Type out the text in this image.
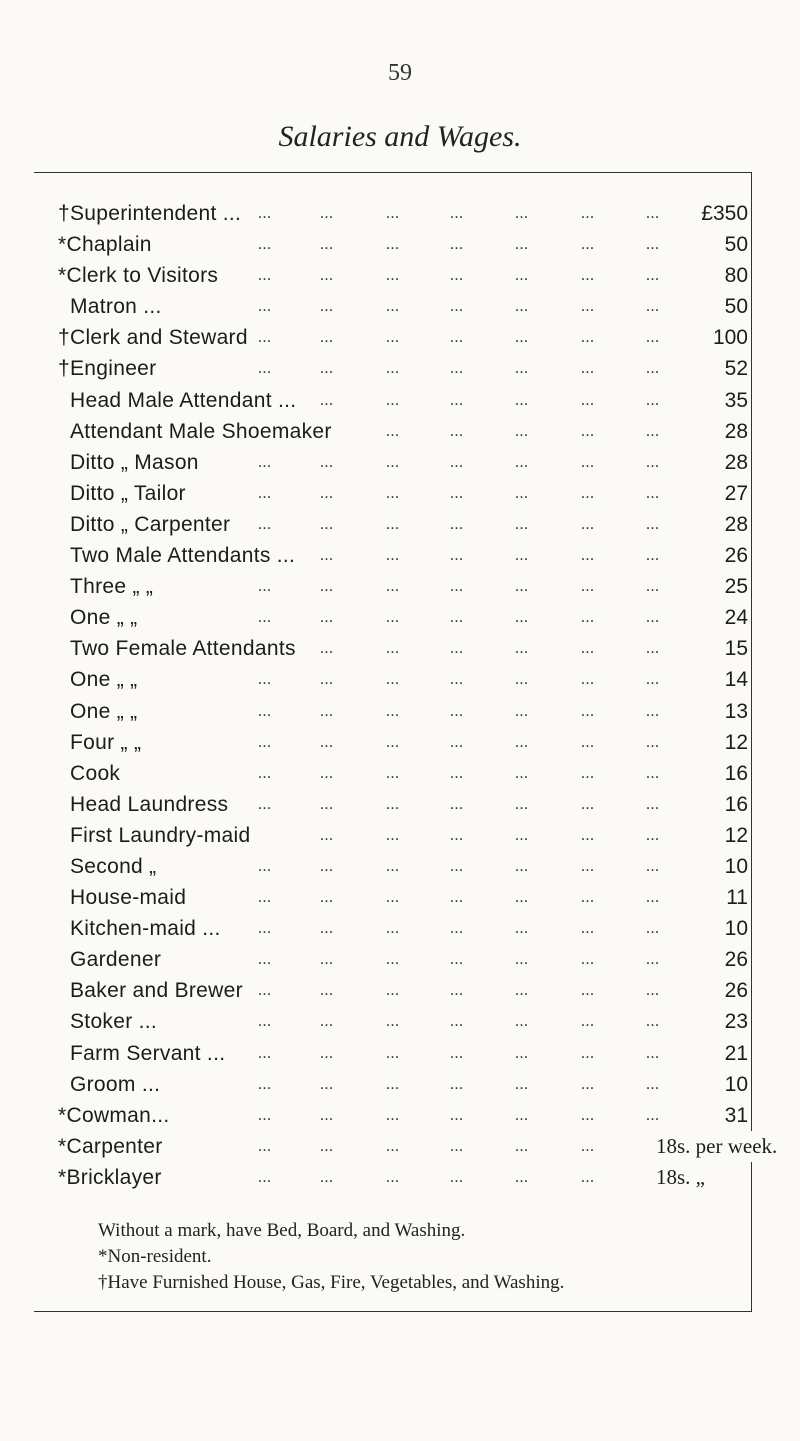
59
Salaries and Wages.
...	...	...	...	...	...	...
†Superintendent ...	£350
...	...	...	...	...	...	...
*Chaplain	50
...	...	...	...	...	...	...
*Clerk to Visitors	80
...	...	...	...	...	...	...
Matron ...	50
...	...	...	...	...	...	...
†Clerk and Steward	100
...	...	...	...	...	...	...
†Engineer	52
...	...	...	...	...	...
Head Male Attendant ...	35
...	...	...	...	...
Attendant Male Shoemaker	28
...	...	...	...	...	...	...
Ditto „ Mason	28
...	...	...	...	...	...	...
Ditto „ Tailor	27
...	...	...	...	...	...	...
Ditto „ Carpenter	28
...	...	...	...	...	...
Two Male Attendants ...	26
...	...	...	...	...	...	...
Three „ „	25
...	...	...	...	...	...	...
One „ „	24
...	...	...	...	...	...
Two Female Attendants	15
...	...	...	...	...	...	...
One „ „	14
...	...	...	...	...	...	...
One „ „	13
...	...	...	...	...	...	...
Four „ „	12
...	...	...	...	...	...	...
Cook	16
...	...	...	...	...	...	...
Head Laundress	16
...	...	...	...	...	...
First Laundry-maid	12
...	...	...	...	...	...	...
Second „	10
...	...	...	...	...	...	...
House-maid	11
...	...	...	...	...	...	...
Kitchen-maid ...	10
...	...	...	...	...	...	...
Gardener	26
...	...	...	...	...	...	...
Baker and Brewer	26
...	...	...	...	...	...	...
Stoker ...	23
...	...	...	...	...	...	...
Farm Servant ...	21
...	...	...	...	...	...	...
Groom ...	10
...	...	...	...	...	...	...
*Cowman...	31
...	...	...	...	...	...
*Carpenter	18s. per week.
...	...	...	...	...	...
*Bricklayer	18s. „
Without a mark, have Bed, Board, and Washing.
*Non-resident.
†Have Furnished House, Gas, Fire, Vegetables, and Washing.
